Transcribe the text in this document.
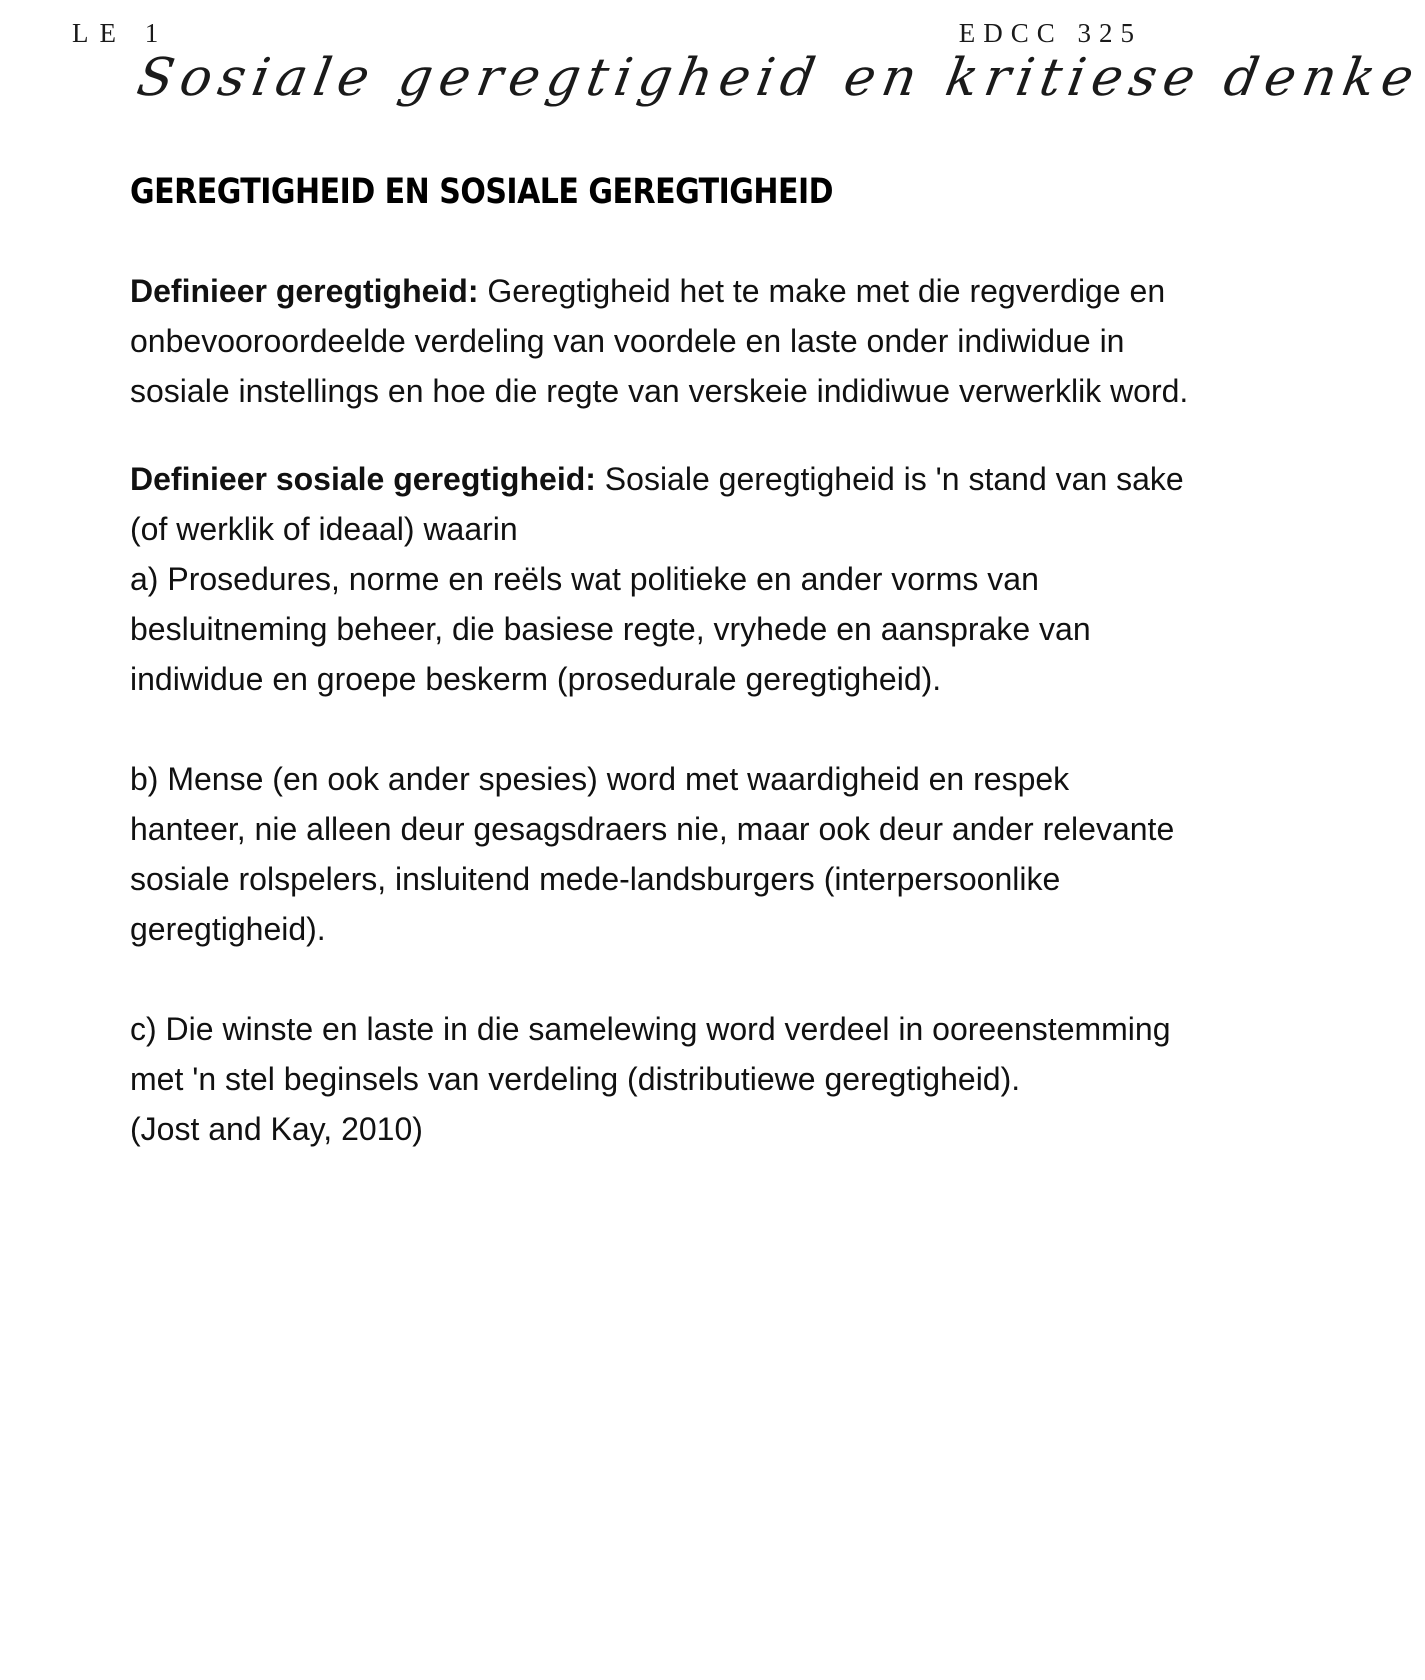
LE 1	EDCC 325
Sosiale geregtigheid en kritiese denke
GEREGTIGHEID EN SOSIALE GEREGTIGHEID

Definieer geregtigheid: Geregtigheid het te make met die regverdige en onbevooroordeelde verdeling van voordele en laste onder indiwidue in sosiale instellings en hoe die regte van verskeie indidiwue verwerklik word.

Definieer sosiale geregtigheid: Sosiale geregtigheid is 'n stand van sake (of werklik of ideaal) waarin

a) Prosedures, norme en reëls wat politieke en ander vorms van besluitneming beheer, die basiese regte, vryhede en aansprake van indiwidue en groepe beskerm (prosedurale geregtigheid).

b) Mense (en ook ander spesies) word met waardigheid en respek hanteer, nie alleen deur gesagsdraers nie, maar ook deur ander relevante sosiale rolspelers, insluitend mede-landsburgers (interpersoonlike geregtigheid).

c) Die winste en laste in die samelewing word verdeel in ooreenstemming met 'n stel beginsels van verdeling (distributiewe geregtigheid).

(Jost and Kay, 2010)
